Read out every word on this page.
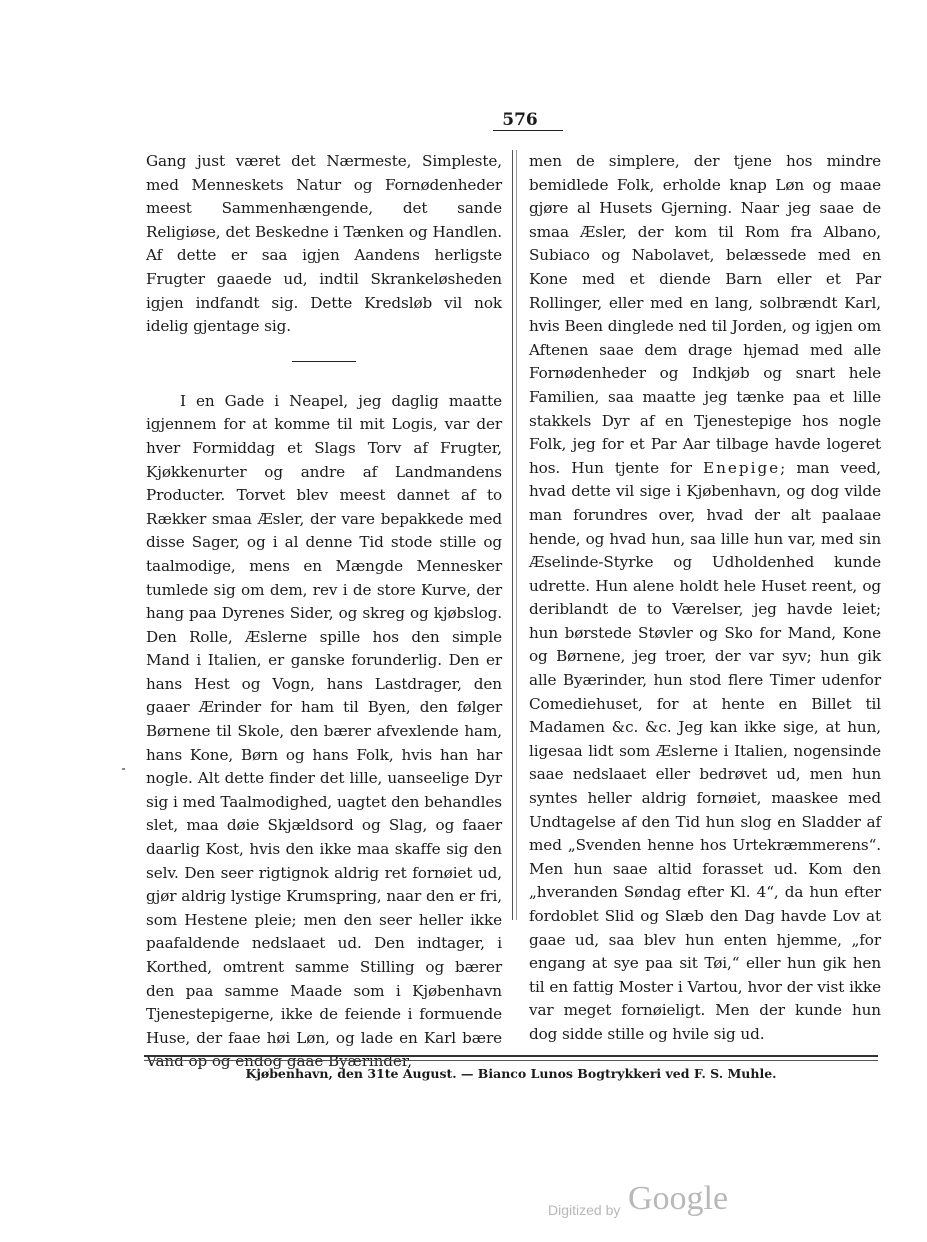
576

Gang just været det Nærmeste, Simpleste, med Menneskets Natur og Fornødenheder meest Sammenhængende, det sande Religiøse, det Beskedne i Tænken og Handlen. Af dette er saa igjen Aandens herligste Frugter gaaede ud, indtil Skrankeløsheden igjen indfandt sig. Dette Kredsløb vil nok idelig gjentage sig.

I en Gade i Neapel, jeg daglig maatte igjennem for at komme til mit Logis, var der hver Formiddag et Slags Torv af Frugter, Kjøkkenurter og andre af Landmandens Producter. Torvet blev meest dannet af to Rækker smaa Æsler, der vare bepakkede med disse Sager, og i al denne Tid stode stille og taalmodige, mens en Mængde Mennesker tumlede sig om dem, rev i de store Kurve, der hang paa Dyrenes Sider, og skreg og kjøbslog. Den Rolle, Æslerne spille hos den simple Mand i Italien, er ganske forunderlig. Den er hans Hest og Vogn, hans Lastdrager, den gaaer Ærinder for ham til Byen, den følger Børnene til Skole, den bærer afvexlende ham, hans Kone, Børn og hans Folk, hvis han har nogle. Alt dette finder det lille, uanseelige Dyr sig i med Taalmodighed, uagtet den behandles slet, maa døie Skjældsord og Slag, og faaer daarlig Kost, hvis den ikke maa skaffe sig den selv. Den seer rigtignok aldrig ret fornøiet ud, gjør aldrig lystige Krumspring, naar den er fri, som Hestene pleie; men den seer heller ikke paafaldende nedslaaet ud. Den indtager, i Korthed, omtrent samme Stilling og bærer den paa samme Maade som i Kjøbenhavn Tjenestepigerne, ikke de feiende i formuende Huse, der faae høi Løn, og lade en Karl bære Vand op og endog gaae Byærinder,

men de simplere, der tjene hos mindre bemidlede Folk, erholde knap Løn og maae gjøre al Husets Gjerning. Naar jeg saae de smaa Æsler, der kom til Rom fra Albano, Subiaco og Nabolavet, belæssede med en Kone med et diende Barn eller et Par Rollinger, eller med en lang, solbrændt Karl, hvis Been dinglede ned til Jorden, og igjen om Aftenen saae dem drage hjemad med alle Fornødenheder og Indkjøb og snart hele Familien, saa maatte jeg tænke paa et lille stakkels Dyr af en Tjenestepige hos nogle Folk, jeg for et Par Aar tilbage havde logeret hos. Hun tjente for Enepige; man veed, hvad dette vil sige i Kjøbenhavn, og dog vilde man forundres over, hvad der alt paalaae hende, og hvad hun, saa lille hun var, med sin Æselinde-Styrke og Udholdenhed kunde udrette. Hun alene holdt hele Huset reent, og deriblandt de to Værelser, jeg havde leiet; hun børstede Støvler og Sko for Mand, Kone og Børnene, jeg troer, der var syv; hun gik alle Byærinder, hun stod flere Timer udenfor Comediehuset, for at hente en Billet til Madamen &c. &c. Jeg kan ikke sige, at hun, ligesaa lidt som Æslerne i Italien, nogensinde saae nedslaaet eller bedrøvet ud, men hun syntes heller aldrig fornøiet, maaskee med Undtagelse af den Tid hun slog en Sladder af med „Svenden henne hos Urtekræmmerens“. Men hun saae altid forasset ud. Kom den „hveranden Søndag efter Kl. 4“, da hun efter fordoblet Slid og Slæb den Dag havde Lov at gaae ud, saa blev hun enten hjemme, „for engang at sye paa sit Tøi,“ eller hun gik hen til en fattig Moster i Vartou, hvor der vist ikke var meget fornøieligt. Men der kunde hun dog sidde stille og hvile sig ud.

Kjøbenhavn, den 31te August. — Bianco Lunos Bogtrykkeri ved F. S. Muhle.
Digitized by Google
